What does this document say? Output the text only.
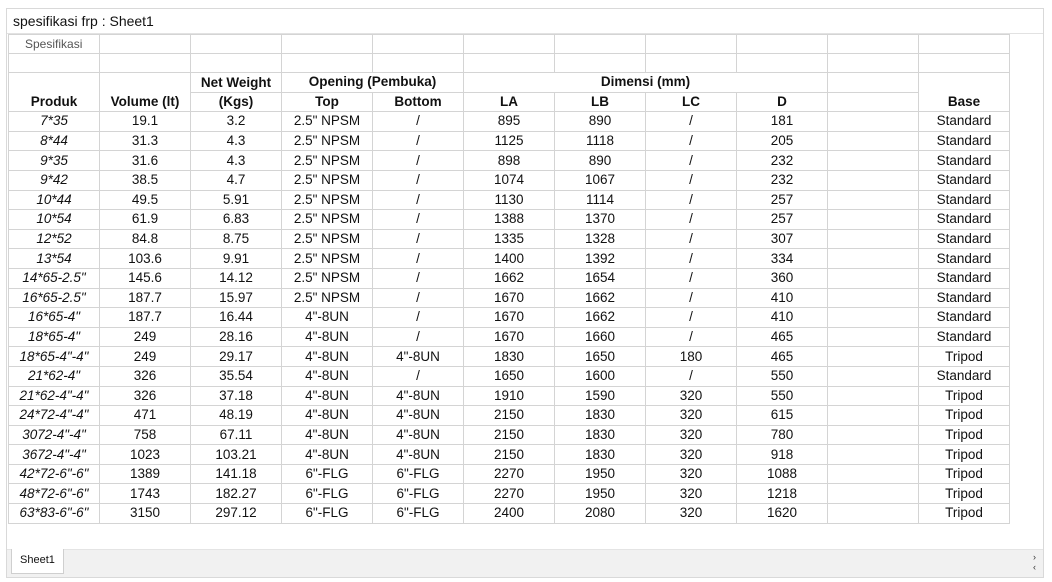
spesifikasi frp : Sheet1
Spesifikasi										

Produk	Volume (lt)	Net Weight	Opening (Pembuka)		Dimensi (mm)					Base
		(Kgs)	Top	Bottom	LA	LB	LC	D		
7*35	19.1	3.2	2.5" NPSM	/	895	890	/	181		Standard
8*44	31.3	4.3	2.5" NPSM	/	1125	1118	/	205		Standard
9*35	31.6	4.3	2.5" NPSM	/	898	890	/	232		Standard
9*42	38.5	4.7	2.5" NPSM	/	1074	1067	/	232		Standard
10*44	49.5	5.91	2.5" NPSM	/	1130	1114	/	257		Standard
10*54	61.9	6.83	2.5" NPSM	/	1388	1370	/	257		Standard
12*52	84.8	8.75	2.5" NPSM	/	1335	1328	/	307		Standard
13*54	103.6	9.91	2.5" NPSM	/	1400	1392	/	334		Standard
14*65-2.5"	145.6	14.12	2.5" NPSM	/	1662	1654	/	360		Standard
16*65-2.5"	187.7	15.97	2.5" NPSM	/	1670	1662	/	410		Standard
16*65-4"	187.7	16.44	4"-8UN	/	1670	1662	/	410		Standard
18*65-4"	249	28.16	4"-8UN	/	1670	1660	/	465		Standard
18*65-4"-4"	249	29.17	4"-8UN	4"-8UN	1830	1650	180	465		Tripod
21*62-4"	326	35.54	4"-8UN	/	1650	1600	/	550		Standard
21*62-4"-4"	326	37.18	4"-8UN	4"-8UN	1910	1590	320	550		Tripod
24*72-4"-4"	471	48.19	4"-8UN	4"-8UN	2150	1830	320	615		Tripod
3072-4"-4"	758	67.11	4"-8UN	4"-8UN	2150	1830	320	780		Tripod
3672-4"-4"	1023	103.21	4"-8UN	4"-8UN	2150	1830	320	918		Tripod
42*72-6"-6"	1389	141.18	6"-FLG	6"-FLG	2270	1950	320	1088		Tripod
48*72-6"-6"	1743	182.27	6"-FLG	6"-FLG	2270	1950	320	1218		Tripod
63*83-6"-6"	3150	297.12	6"-FLG	6"-FLG	2400	2080	320	1620		Tripod
Sheet1	›
‹
